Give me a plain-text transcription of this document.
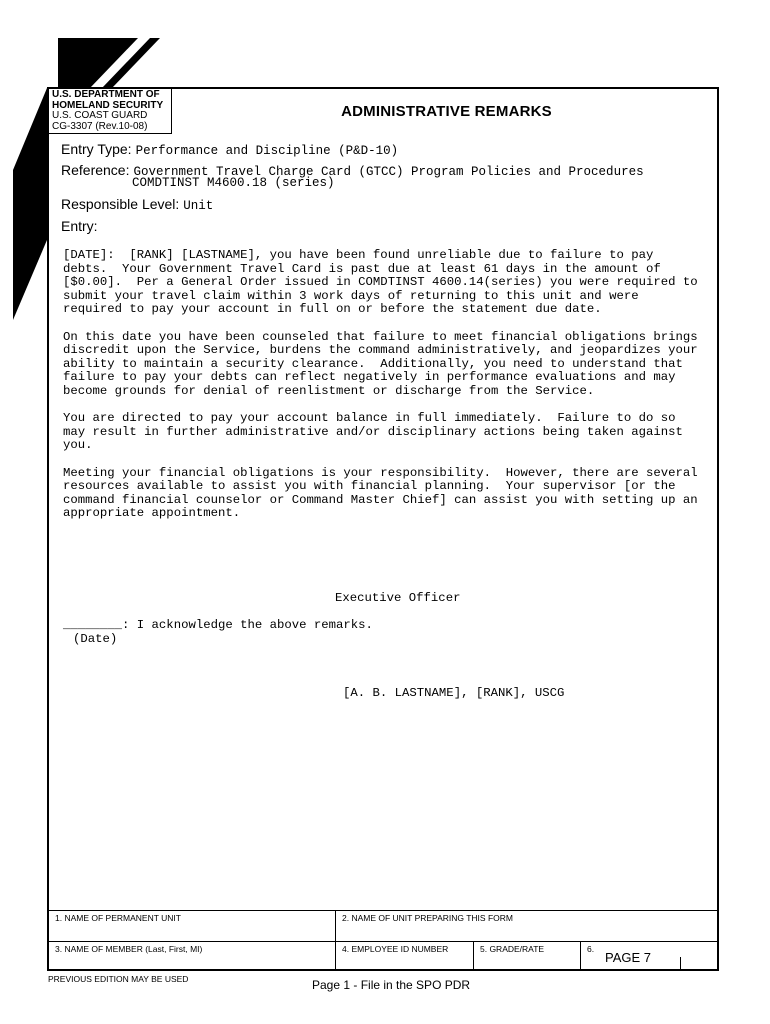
U.S. DEPARTMENT OF
HOMELAND SECURITY
U.S. COAST GUARD
CG-3307 (Rev.10-08)
ADMINISTRATIVE REMARKS
Entry Type: Performance and Discipline (P&D-10)
Reference: Government Travel Charge Card (GTCC) Program Policies and Procedures
COMDTINST M4600.18 (series)
Responsible Level: Unit
Entry:

[DATE]:  [RANK] [LASTNAME], you have been found unreliable due to failure to pay
debts.  Your Government Travel Card is past due at least 61 days in the amount of
[$0.00].  Per a General Order issued in COMDTINST 4600.14(series) you were required to
submit your travel claim within 3 work days of returning to this unit and were
required to pay your account in full on or before the statement due date.

On this date you have been counseled that failure to meet financial obligations brings
discredit upon the Service, burdens the command administratively, and jeopardizes your
ability to maintain a security clearance.  Additionally, you need to understand that
failure to pay your debts can reflect negatively in performance evaluations and may
become grounds for denial of reenlistment or discharge from the Service.

You are directed to pay your account balance in full immediately.  Failure to do so
may result in further administrative and/or disciplinary actions being taken against
you.

Meeting your financial obligations is your responsibility.  However, there are several
resources available to assist you with financial planning.  Your supervisor [or the
command financial counselor or Command Master Chief] can assist you with setting up an
appropriate appointment.

Executive Officer
________: I acknowledge the above remarks.
(Date)
[A. B. LASTNAME], [RANK], USCG
1. NAME OF PERMANENT UNIT	2. NAME OF UNIT PREPARING THIS FORM
3. NAME OF MEMBER (Last, First, MI)	4. EMPLOYEE ID NUMBER	5. GRADE/RATE	6.
PAGE 7
PREVIOUS EDITION MAY BE USED	Page 1 - File in the SPO PDR
